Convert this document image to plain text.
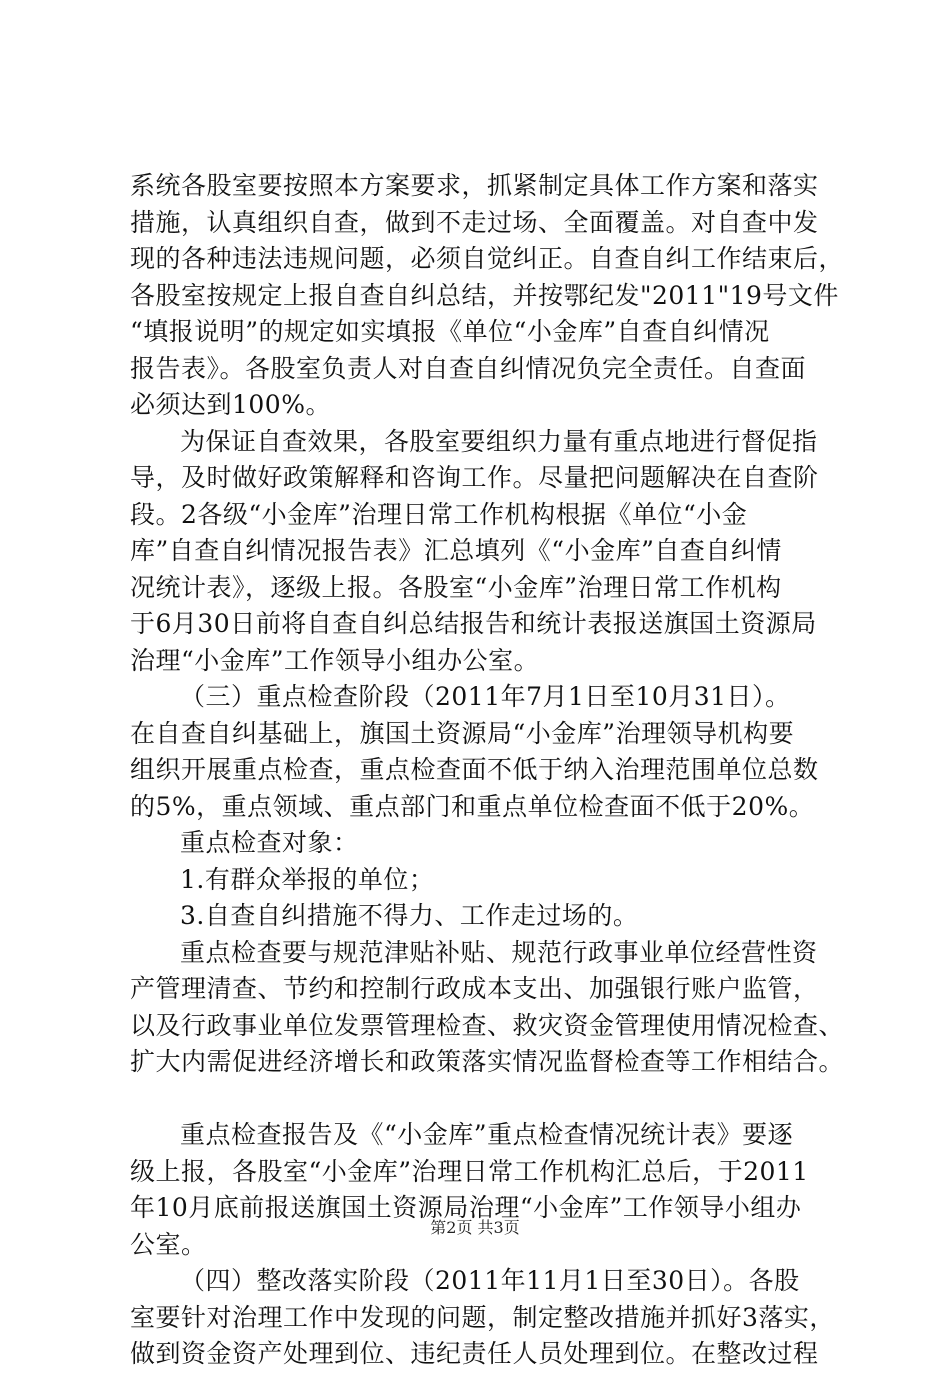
系统各股室要按照本方案要求，抓紧制定具体工作方案和落实
措施，认真组织自查，做到不走过场、全面覆盖。对自查中发
现的各种违法违规问题，必须自觉纠正。自查自纠工作结束后，
各股室按规定上报自查自纠总结，并按鄂纪发"2011"19号文件
“填报说明”的规定如实填报《单位“小金库”自查自纠情况
报告表》。各股室负责人对自查自纠情况负完全责任。自查面
必须达到100%。
为保证自查效果，各股室要组织力量有重点地进行督促指
导，及时做好政策解释和咨询工作。尽量把问题解决在自查阶
段。2各级“小金库”治理日常工作机构根据《单位“小金
库”自查自纠情况报告表》汇总填列《“小金库”自查自纠情
况统计表》，逐级上报。各股室“小金库”治理日常工作机构
于6月30日前将自查自纠总结报告和统计表报送旗国土资源局
治理“小金库”工作领导小组办公室。
（三）重点检查阶段（2011年7月1日至10月31日）。
在自查自纠基础上，旗国土资源局“小金库”治理领导机构要
组织开展重点检查，重点检查面不低于纳入治理范围单位总数
的5%，重点领域、重点部门和重点单位检查面不低于20%。
重点检查对象：
1.有群众举报的单位；
3.自查自纠措施不得力、工作走过场的。
重点检查要与规范津贴补贴、规范行政事业单位经营性资
产管理清查、节约和控制行政成本支出、加强银行账户监管，
以及行政事业单位发票管理检查、救灾资金管理使用情况检查、
扩大内需促进经济增长和政策落实情况监督检查等工作相结合。
重点检查报告及《“小金库”重点检查情况统计表》要逐
级上报，各股室“小金库”治理日常工作机构汇总后，于2011
年10月底前报送旗国土资源局治理“小金库”工作领导小组办
公室。
（四）整改落实阶段（2011年11月1日至30日）。各股
室要针对治理工作中发现的问题，制定整改措施并抓好3落实，
做到资金资产处理到位、违纪责任人员处理到位。在整改过程
第2页 共3页
